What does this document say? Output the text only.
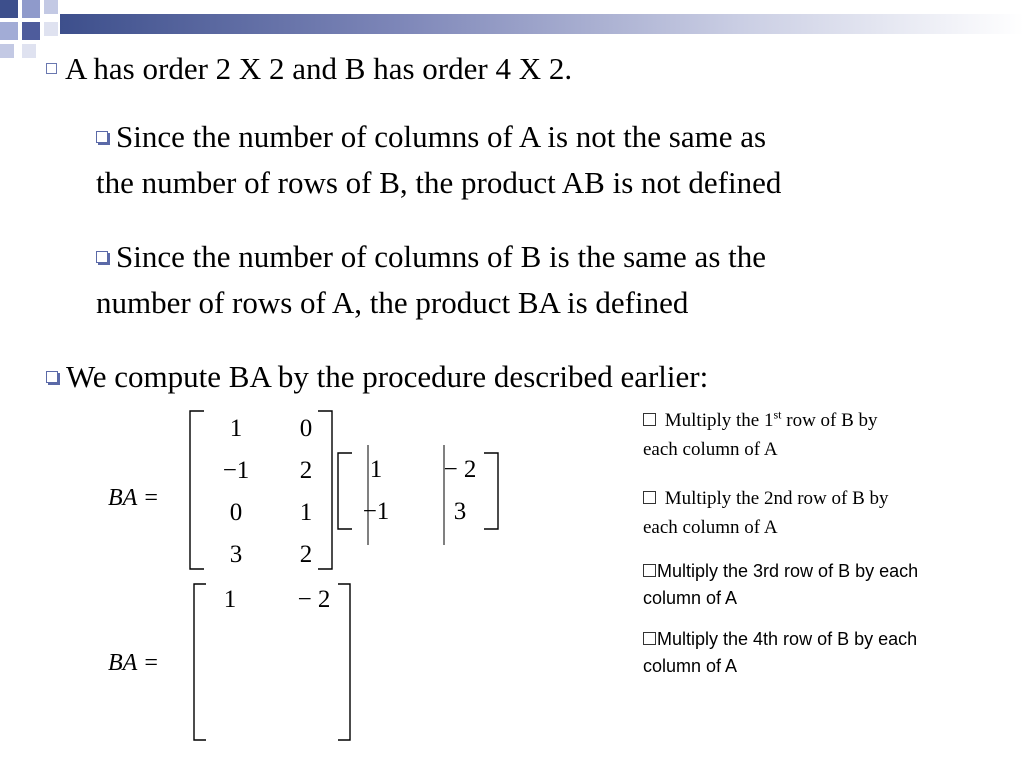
A has order 2 X 2 and B has order 4 X 2.
Since the number of columns of A is not the same as
the number of rows of B, the product AB is not defined
Since the number of columns of B is the same as the
number of rows of A, the product BA is defined
We compute BA by the procedure described earlier:
BA =
1 0
−1 2
0 1
3 2
1 − 2
−1	3
BA =
1 − 2
Multiply the 1st row of B by
each column of A
Multiply the 2nd row of B by
each column of A
Multiply the 3rd row of B by each
column of A
Multiply the 4th row of B by each
column of A
